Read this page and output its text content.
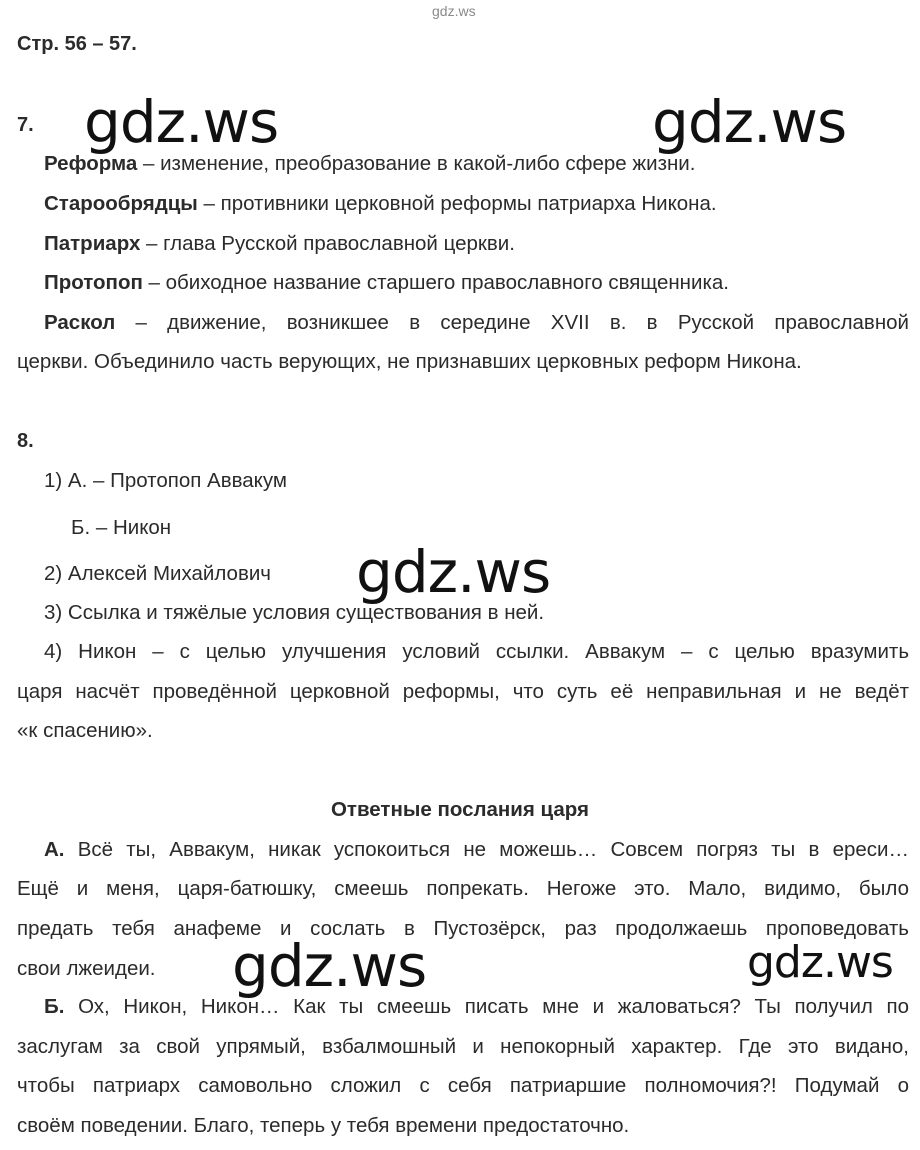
gdz.ws
Стр. 56 – 57.
7. gdz.ws	gdz.ws
Реформа – изменение, преобразование в какой-либо сфере жизни.
Старообрядцы – противники церковной реформы патриарха Никона.
Патриарх – глава Русской православной церкви.
Протопоп – обиходное название старшего православного священника.
Раскол – движение, возникшее в середине XVII в. в Русской православной
церкви. Объединило часть верующих, не признавших церковных реформ Никона.
8.
1) А. – Протопоп Аввакум
Б. – Никон
2) Алексей Михайлович gdz.ws
3) Ссылка и тяжёлые условия существования в ней.
4) Никон – с целью улучшения условий ссылки. Аввакум – с целью вразумить
царя насчёт проведённой церковной реформы, что суть её неправильная и не ведёт
«к спасению».
Ответные послания царя
А. Всё ты, Аввакум, никак успокоиться не можешь… Совсем погряз ты в ереси…
Ещё и меня, царя-батюшку, смеешь попрекать. Негоже это. Мало, видимо, было
предать тебя анафеме и сослать в Пустозёрск, раз продолжаешь проповедовать
свои лжеидеи. gdz.ws	gdz.ws
Б. Ох, Никон, Никон… Как ты смеешь писать мне и жаловаться? Ты получил по
заслугам за свой упрямый, взбалмошный и непокорный характер. Где это видано,
чтобы патриарх самовольно сложил с себя патриаршие полномочия?! Подумай о
своём поведении. Благо, теперь у тебя времени предостаточно.
